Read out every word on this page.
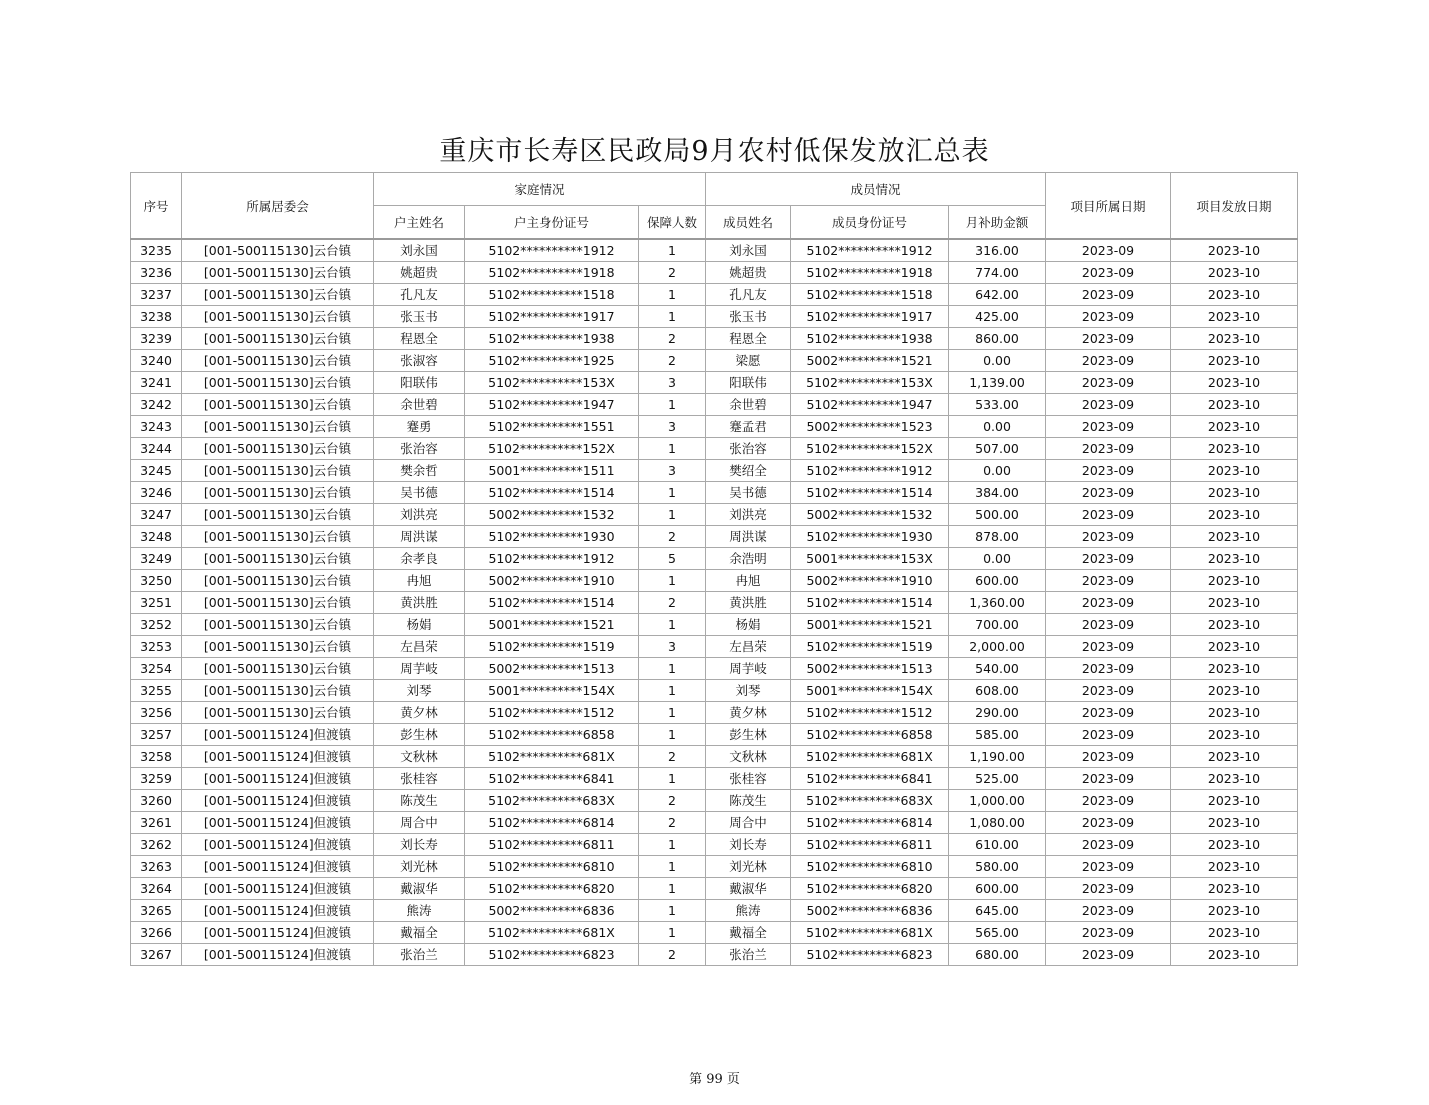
重庆市长寿区民政局9月农村低保发放汇总表
序号	所属居委会	家庭情况			成员情况			项目所属日期	项目发放日期
		户主姓名	户主身份证号	保障人数	成员姓名	成员身份证号	月补助金额		
3235	[001-500115130]云台镇	刘永国	5102**********1912	1	刘永国	5102**********1912	316.00	2023-09	2023-10
3236	[001-500115130]云台镇	姚超贵	5102**********1918	2	姚超贵	5102**********1918	774.00	2023-09	2023-10
3237	[001-500115130]云台镇	孔凡友	5102**********1518	1	孔凡友	5102**********1518	642.00	2023-09	2023-10
3238	[001-500115130]云台镇	张玉书	5102**********1917	1	张玉书	5102**********1917	425.00	2023-09	2023-10
3239	[001-500115130]云台镇	程恩全	5102**********1938	2	程恩全	5102**********1938	860.00	2023-09	2023-10
3240	[001-500115130]云台镇	张淑容	5102**********1925	2	梁愿	5002**********1521	0.00	2023-09	2023-10
3241	[001-500115130]云台镇	阳联伟	5102**********153X	3	阳联伟	5102**********153X	1,139.00	2023-09	2023-10
3242	[001-500115130]云台镇	余世碧	5102**********1947	1	余世碧	5102**********1947	533.00	2023-09	2023-10
3243	[001-500115130]云台镇	蹇勇	5102**********1551	3	蹇孟君	5002**********1523	0.00	2023-09	2023-10
3244	[001-500115130]云台镇	张治容	5102**********152X	1	张治容	5102**********152X	507.00	2023-09	2023-10
3245	[001-500115130]云台镇	樊余哲	5001**********1511	3	樊绍全	5102**********1912	0.00	2023-09	2023-10
3246	[001-500115130]云台镇	吴书德	5102**********1514	1	吴书德	5102**********1514	384.00	2023-09	2023-10
3247	[001-500115130]云台镇	刘洪亮	5002**********1532	1	刘洪亮	5002**********1532	500.00	2023-09	2023-10
3248	[001-500115130]云台镇	周洪谋	5102**********1930	2	周洪谋	5102**********1930	878.00	2023-09	2023-10
3249	[001-500115130]云台镇	余孝良	5102**********1912	5	余浩明	5001**********153X	0.00	2023-09	2023-10
3250	[001-500115130]云台镇	冉旭	5002**********1910	1	冉旭	5002**********1910	600.00	2023-09	2023-10
3251	[001-500115130]云台镇	黄洪胜	5102**********1514	2	黄洪胜	5102**********1514	1,360.00	2023-09	2023-10
3252	[001-500115130]云台镇	杨娟	5001**********1521	1	杨娟	5001**********1521	700.00	2023-09	2023-10
3253	[001-500115130]云台镇	左昌荣	5102**********1519	3	左昌荣	5102**********1519	2,000.00	2023-09	2023-10
3254	[001-500115130]云台镇	周芋岐	5002**********1513	1	周芋岐	5002**********1513	540.00	2023-09	2023-10
3255	[001-500115130]云台镇	刘琴	5001**********154X	1	刘琴	5001**********154X	608.00	2023-09	2023-10
3256	[001-500115130]云台镇	黄夕林	5102**********1512	1	黄夕林	5102**********1512	290.00	2023-09	2023-10
3257	[001-500115124]但渡镇	彭生林	5102**********6858	1	彭生林	5102**********6858	585.00	2023-09	2023-10
3258	[001-500115124]但渡镇	文秋林	5102**********681X	2	文秋林	5102**********681X	1,190.00	2023-09	2023-10
3259	[001-500115124]但渡镇	张桂容	5102**********6841	1	张桂容	5102**********6841	525.00	2023-09	2023-10
3260	[001-500115124]但渡镇	陈茂生	5102**********683X	2	陈茂生	5102**********683X	1,000.00	2023-09	2023-10
3261	[001-500115124]但渡镇	周合中	5102**********6814	2	周合中	5102**********6814	1,080.00	2023-09	2023-10
3262	[001-500115124]但渡镇	刘长寿	5102**********6811	1	刘长寿	5102**********6811	610.00	2023-09	2023-10
3263	[001-500115124]但渡镇	刘光林	5102**********6810	1	刘光林	5102**********6810	580.00	2023-09	2023-10
3264	[001-500115124]但渡镇	戴淑华	5102**********6820	1	戴淑华	5102**********6820	600.00	2023-09	2023-10
3265	[001-500115124]但渡镇	熊涛	5002**********6836	1	熊涛	5002**********6836	645.00	2023-09	2023-10
3266	[001-500115124]但渡镇	戴福全	5102**********681X	1	戴福全	5102**********681X	565.00	2023-09	2023-10
3267	[001-500115124]但渡镇	张治兰	5102**********6823	2	张治兰	5102**********6823	680.00	2023-09	2023-10
第 99 页
